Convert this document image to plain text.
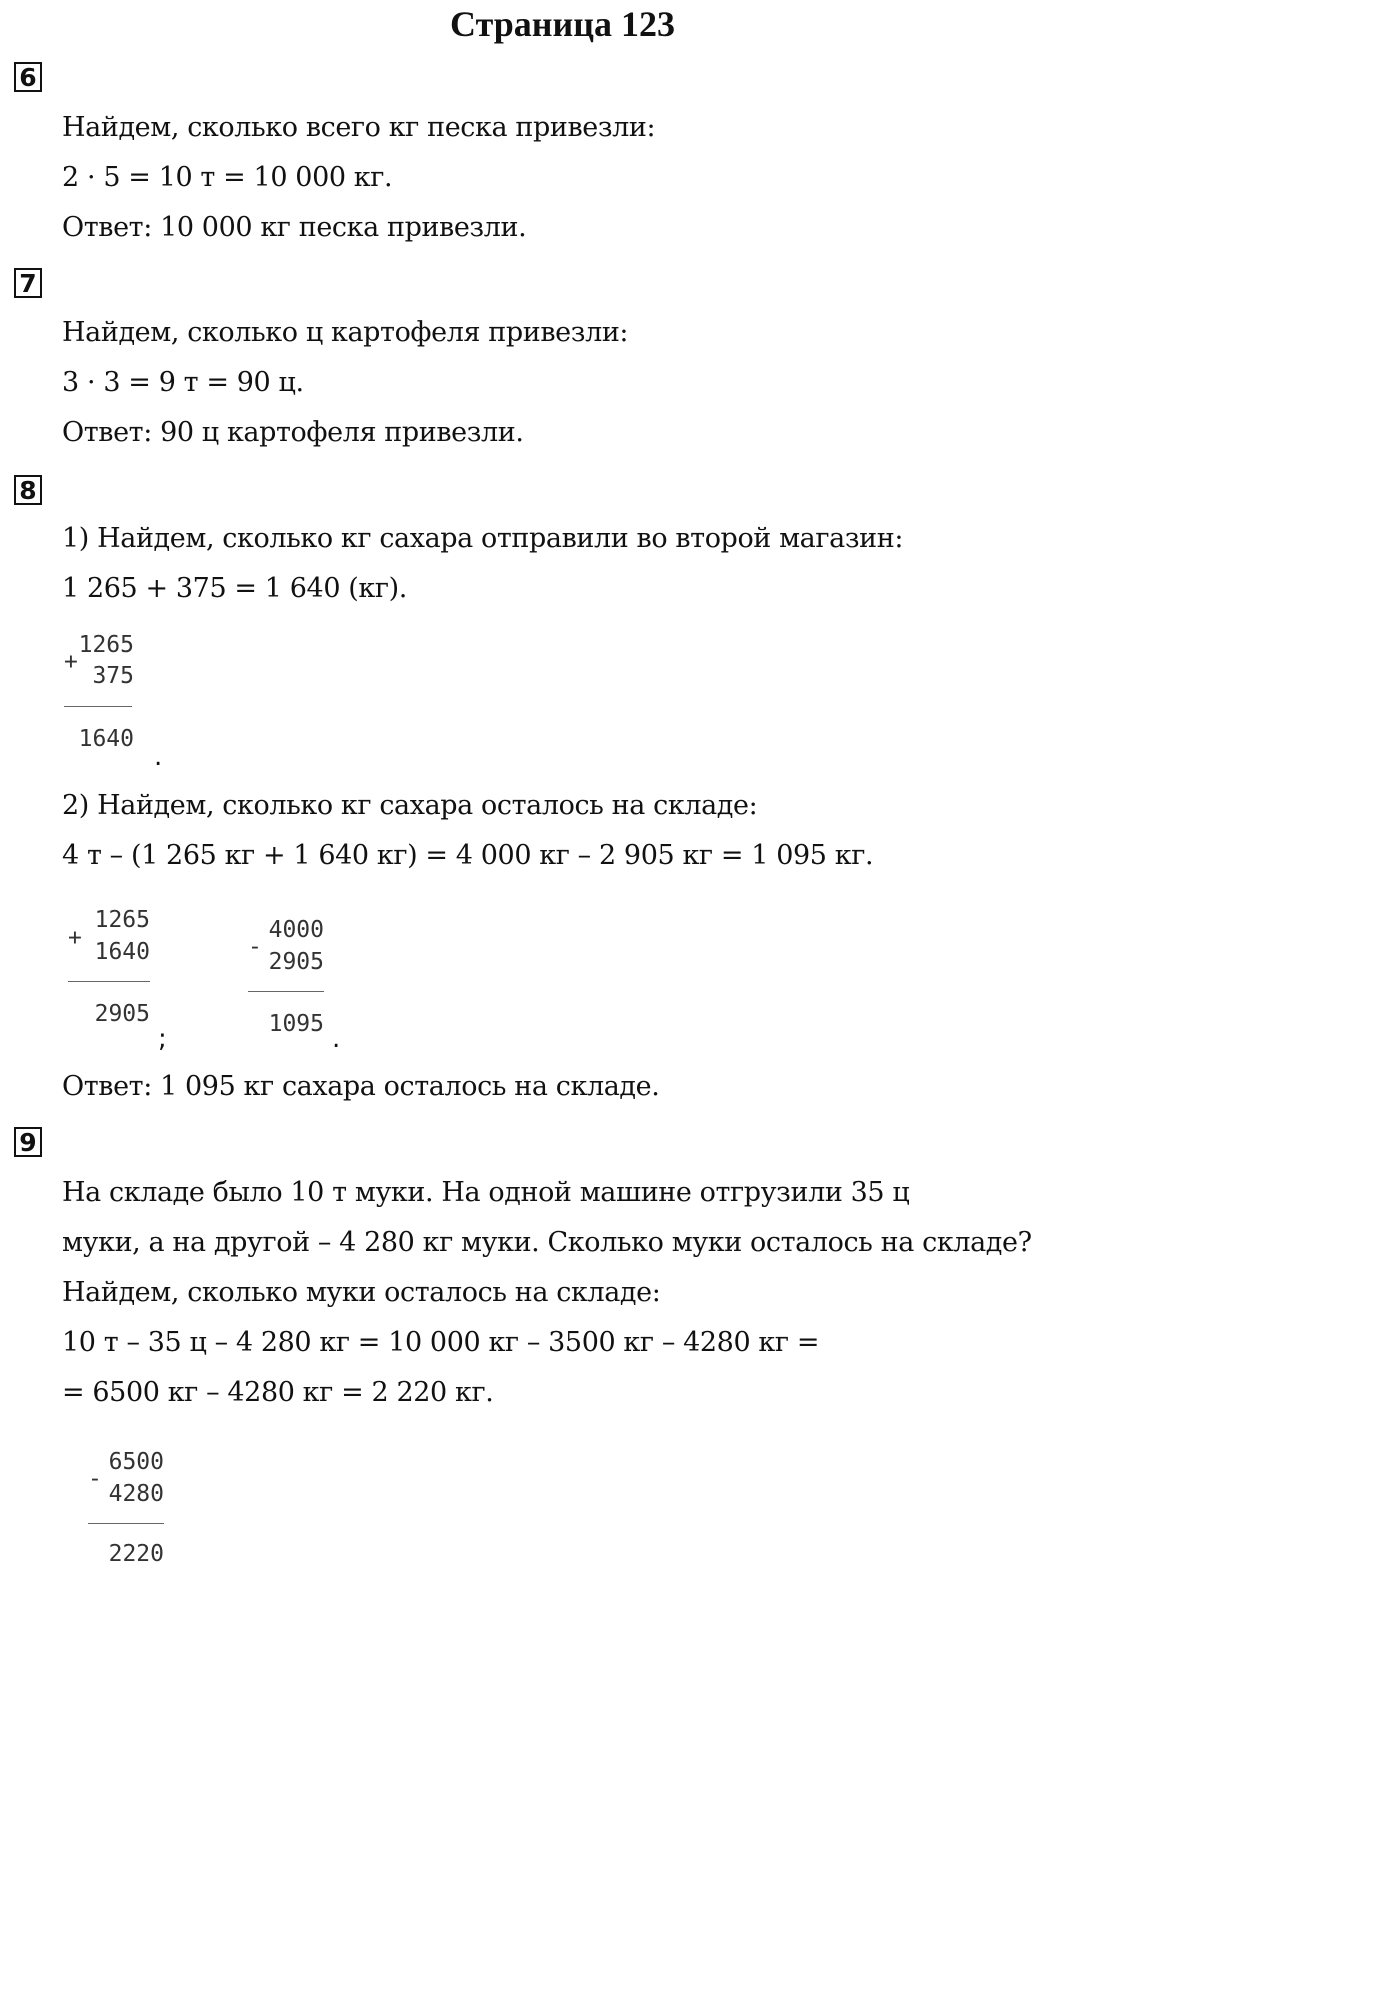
Страница 123
6
Найдем, сколько всего кг песка привезли:
2 · 5 = 10 т = 10 000 кг.
Ответ: 10 000 кг песка привезли.
7
Найдем, сколько ц картофеля привезли:
3 · 3 = 9 т = 90 ц.
Ответ: 90 ц картофеля привезли.
8
1) Найдем, сколько кг сахара отправили во второй магазин:
1 265 + 375 = 1 640 (кг).
+
1265
375
1640
.
2) Найдем, сколько кг сахара осталось на складе:
4 т – (1 265 кг + 1 640 кг) = 4 000 кг – 2 905 кг = 1 095 кг.
+
1265
1640
2905
;
-
4000
2905
1095 .
Ответ: 1 095 кг сахара осталось на складе.
9
На складе было 10 т муки. На одной машине отгрузили 35 ц
муки, а на другой – 4 280 кг муки. Сколько муки осталось на складе?
Найдем, сколько муки осталось на складе:
10 т – 35 ц – 4 280 кг = 10 000 кг – 3500 кг – 4280 кг =
= 6500 кг – 4280 кг = 2 220 кг.
-
6500
4280
2220
